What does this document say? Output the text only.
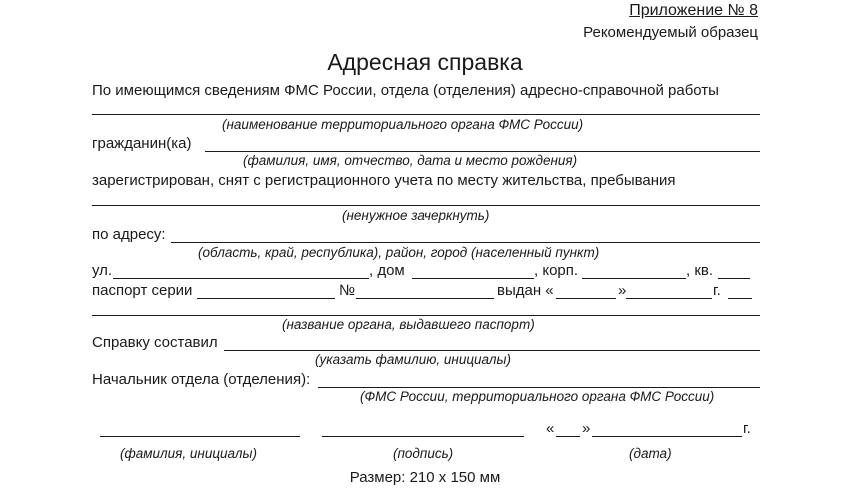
Приложение № 8
Рекомендуемый образец
Адресная справка
По имеющимся сведениям ФМС России, отдела (отделения) адресно-справочной работы
(наименование территориального органа ФМС России)
гражданин(ка)
(фамилия, имя, отчество, дата и место рождения)
зарегистрирован, снят с регистрационного учета по месту жительства, пребывания
(ненужное зачеркнуть)
по адресу:
(область, край, республика), район, город (населенный пункт)
ул.	, дом	, корп.	, кв.
паспорт серии	№	выдан «	»	г.
(название органа, выдавшего паспорт)
Справку составил
(указать фамилию, инициалы)
Начальник отдела (отделения):
(ФМС России, территориального органа ФМС России)
« »	г.
(фамилия, инициалы)	(подпись)	(дата)
Размер: 210 x 150 мм
